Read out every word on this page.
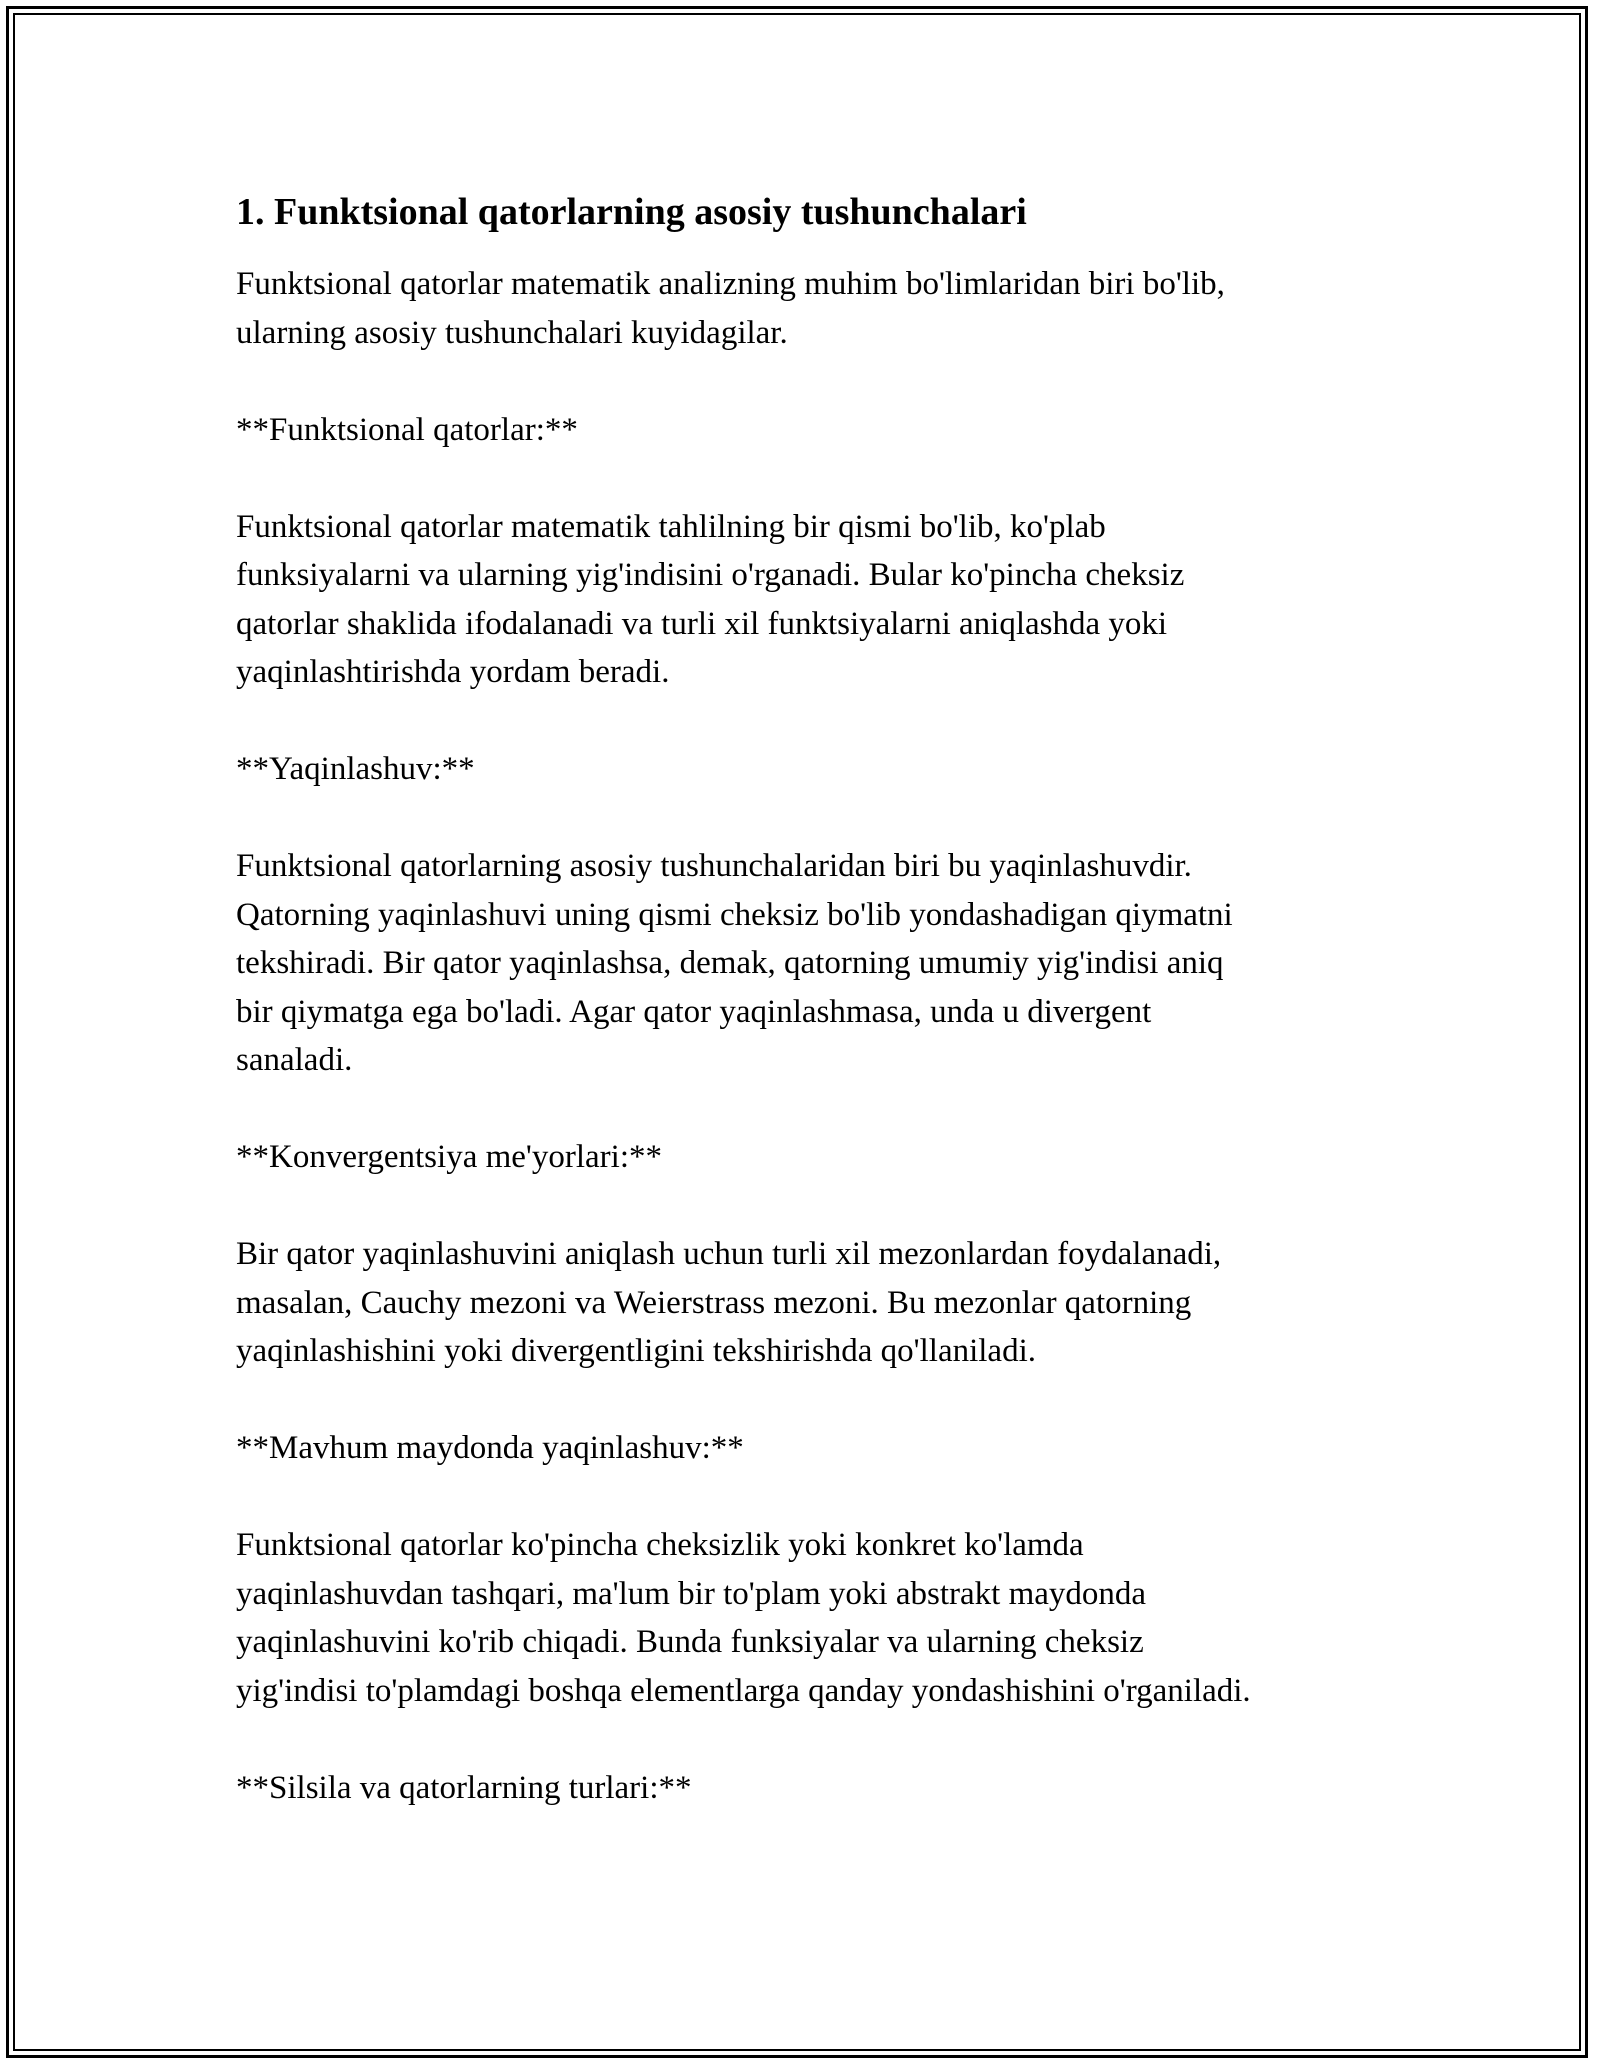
1. Funktsional qatorlarning asosiy tushunchalari

Funktsional qatorlar matematik analizning muhim bo'limlaridan biri bo'lib,
ularning asosiy tushunchalari kuyidagilar.

**Funktsional qatorlar:**

Funktsional qatorlar matematik tahlilning bir qismi bo'lib, ko'plab
funksiyalarni va ularning yig'indisini o'rganadi. Bular ko'pincha cheksiz
qatorlar shaklida ifodalanadi va turli xil funktsiyalarni aniqlashda yoki
yaqinlashtirishda yordam beradi.

**Yaqinlashuv:**

Funktsional qatorlarning asosiy tushunchalaridan biri bu yaqinlashuvdir.
Qatorning yaqinlashuvi uning qismi cheksiz bo'lib yondashadigan qiymatni
tekshiradi. Bir qator yaqinlashsa, demak, qatorning umumiy yig'indisi aniq
bir qiymatga ega bo'ladi. Agar qator yaqinlashmasa, unda u divergent
sanaladi.

**Konvergentsiya me'yorlari:**

Bir qator yaqinlashuvini aniqlash uchun turli xil mezonlardan foydalanadi,
masalan, Cauchy mezoni va Weierstrass mezoni. Bu mezonlar qatorning
yaqinlashishini yoki divergentligini tekshirishda qo'llaniladi.

**Mavhum maydonda yaqinlashuv:**

Funktsional qatorlar ko'pincha cheksizlik yoki konkret ko'lamda
yaqinlashuvdan tashqari, ma'lum bir to'plam yoki abstrakt maydonda
yaqinlashuvini ko'rib chiqadi. Bunda funksiyalar va ularning cheksiz
yig'indisi to'plamdagi boshqa elementlarga qanday yondashishini o'rganiladi.

**Silsila va qatorlarning turlari:**
